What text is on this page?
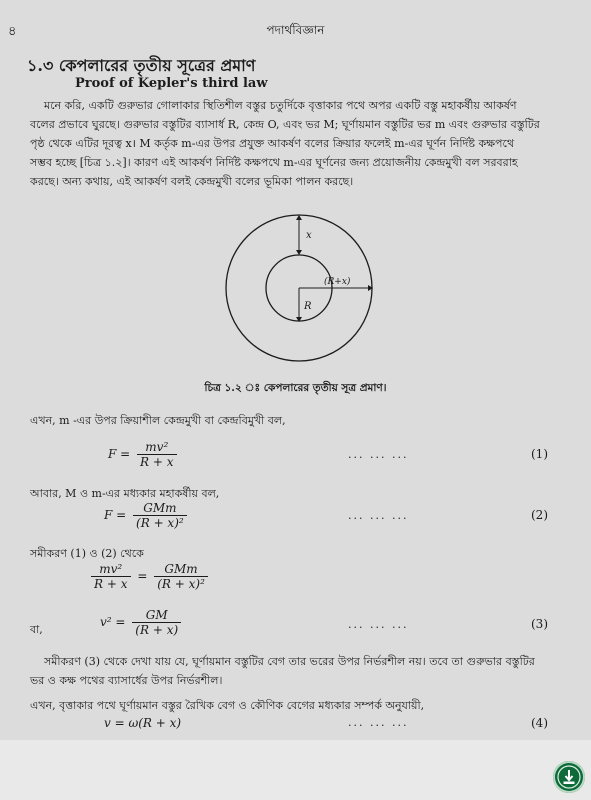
৪	পদার্থবিজ্ঞান
১.৩ কেপলারের তৃতীয় সূত্রের প্রমাণ
Proof of Kepler's third law

মনে করি, একটি গুরুভার গোলাকার স্থিতিশীল বস্তুর চতুর্দিকে বৃত্তাকার পথে অপর একটি বস্তু মহাকর্ষীয় আকর্ষণ
বলের প্রভাবে ঘুরছে। গুরুভার বস্তুটির ব্যাসার্ধ R, কেন্দ্র O, এবং ভর M; ঘূর্ণায়মান বস্তুটির ভর m এবং গুরুভার বস্তুটির
পৃষ্ঠ থেকে এটির দূরত্ব x। M কর্তৃক m-এর উপর প্রযুক্ত আকর্ষণ বলের ক্রিয়ার ফলেই m-এর ঘূর্ণন নির্দিষ্ট কক্ষপথে
সম্ভব হচ্ছে [চিত্র ১.২]। কারণ এই আকর্ষণ নির্দিষ্ট কক্ষপথে m-এর ঘূর্ণনের জন্য প্রয়োজনীয় কেন্দ্রমুখী বল সরবরাহ
করছে। অন্য কথায়, এই আকর্ষণ বলই কেন্দ্রমুখী বলের ভূমিকা পালন করছে।

x
(R+x)
R
চিত্র ১.২ ঃ কেপলারের তৃতীয় সূত্র প্রমাণ।
এখন, m -এর উপর ক্রিয়াশীল কেন্দ্রমুখী বা কেন্দ্রবিমুখী বল,
$F = \frac{\text{mv²}}{R + x}$	... ... ...	(1)
আবার, M ও m-এর মধ্যকার মহাকর্ষীয় বল,
$F = \frac{\text{GMm}}{\text{(R + x)²}}$	... ... ...	(2)
সমীকরণ (1) ও (2) থেকে
$\frac{\text{mv²}}{R + x} = \frac{\text{GMm}}{\text{(R + x)²}}$
বা,
$v^2 = \frac{GM}{(R + x)}$	... ... ...	(3)

সমীকরণ (3) থেকে দেখা যায় যে, ঘূর্ণায়মান বস্তুটির বেগ তার ভরের উপর নির্ভরশীল নয়। তবে তা গুরুভার বস্তুটির
ভর ও কক্ষ পথের ব্যাসার্ধের উপর নির্ভরশীল।

এখন, বৃত্তাকার পথে ঘূর্ণায়মান বস্তুর রৈখিক বেগ ও কৌণিক বেগের মধ্যকার সম্পর্ক অনুযায়ী,
v = ω(R + x)	... ... ...	(4)
